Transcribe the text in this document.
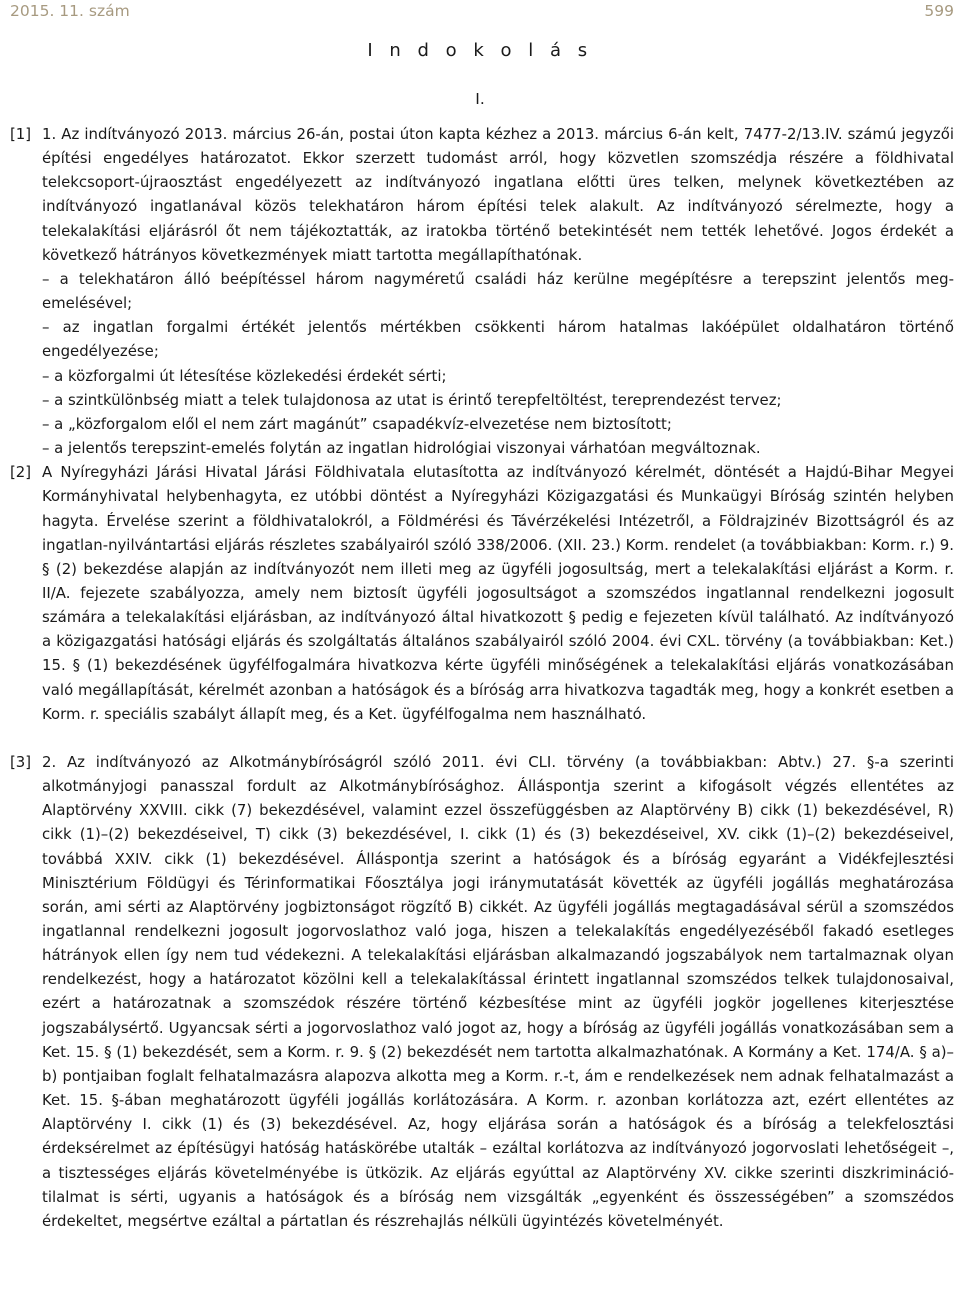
2015. 11. szám	599
I n d o k o l á s
I.
[1] 1. Az indítványozó 2013. március 26-án, postai úton kapta kézhez a 2013. március 6-án kelt, 7477-2/13.IV. számú jegyzői építési engedélyes határozatot. Ekkor szerzett tudomást arról, hogy közvetlen szomszédja részére a földhivatal telekcsoport-újraosztást engedélyezett az indítványozó ingatlana előtti üres telken, melynek következtében az indítványozó ingatlanával közös telekhatáron három építési telek alakult. Az indítványozó sérelmezte, hogy a telekalakítási eljárásról őt nem tájékoztatták, az iratokba történő betekintését nem tették lehetővé. Jogos érdekét a következő hátrányos következmények miatt tartotta megállapíthatónak.

– a telekhatáron álló beépítéssel három nagyméretű családi ház kerülne megépítésre a terepszint jelentős megemelésével;

– az ingatlan forgalmi értékét jelentős mértékben csökkenti három hatalmas lakóépület oldalhatáron történő engedélyezése;

– a közforgalmi út létesítése közlekedési érdekét sérti;

– a szintkülönbség miatt a telek tulajdonosa az utat is érintő terepfeltöltést, tereprendezést tervez;

– a „közforgalom elől el nem zárt magánút” csapadékvíz-elvezetése nem biztosított;

– a jelentős terepszint-emelés folytán az ingatlan hidrológiai viszonyai várhatóan megváltoznak.

[2] A Nyíregyházi Járási Hivatal Járási Földhivatala elutasította az indítványozó kérelmét, döntését a Hajdú-Bihar Megyei Kormányhivatal helybenhagyta, ez utóbbi döntést a Nyíregyházi Közigazgatási és Munkaügyi Bíróság szintén helyben hagyta. Érvelése szerint a földhivatalokról, a Földmérési és Távérzékelési Intézetről, a Földrajzinév Bizottságról és az ingatlan-nyilvántartási eljárás részletes szabályairól szóló 338/2006. (XII. 23.) Korm. rendelet (a továbbiakban: Korm. r.) 9. § (2) bekezdése alapján az indítványozót nem illeti meg az ügyféli jogosultság, mert a telekalakítási eljárást a Korm. r. II/A. fejezete szabályozza, amely nem biztosít ügyféli jogosultságot a szomszédos ingatlannal rendelkezni jogosult számára a telekalakítási eljárásban, az indítványozó által hivatkozott § pedig e fejezeten kívül található. Az indítványozó a közigazgatási hatósági eljárás és szolgáltatás általános szabályairól szóló 2004. évi CXL. törvény (a továbbiakban: Ket.) 15. § (1) bekezdésének ügyfélfogalmára hivatkozva kérte ügyféli minőségének a telekalakítási eljárás vonatkozásában való megállapítását, kérelmét azonban a hatóságok és a bíróság arra hivatkozva tagadták meg, hogy a konkrét esetben a Korm. r. speciális szabályt állapít meg, és a Ket. ügyfélfogalma nem használható.

[3] 2. Az indítványozó az Alkotmánybíróságról szóló 2011. évi CLI. törvény (a továbbiakban: Abtv.) 27. §-a szerinti alkotmányjogi panasszal fordult az Alkotmánybírósághoz. Álláspontja szerint a kifogásolt végzés ellentétes az Alaptörvény XXVIII. cikk (7) bekezdésével, valamint ezzel összefüggésben az Alaptörvény B) cikk (1) bekezdésével, R) cikk (1)–(2) bekezdéseivel, T) cikk (3) bekezdésével, I. cikk (1) és (3) bekezdéseivel, XV. cikk (1)–(2) bekezdéseivel, továbbá XXIV. cikk (1) bekezdésével. Álláspontja szerint a hatóságok és a bíróság egyaránt a Vidékfejlesztési Minisztérium Földügyi és Térinformatikai Főosztálya jogi iránymutatását követték az ügyféli jogállás meghatározása során, ami sérti az Alaptörvény jogbiztonságot rögzítő B) cikkét. Az ügyféli jogállás megtagadásával sérül a szomszédos ingatlannal rendelkezni jogosult jogorvoslathoz való joga, hiszen a telekalakítás engedélyezéséből fakadó esetleges hátrányok ellen így nem tud védekezni. A telekalakítási eljárásban alkalmazandó jogszabályok nem tartalmaznak olyan rendelkezést, hogy a határozatot közölni kell a telekalakítással érintett ingatlannal szomszédos telkek tulajdonosaival, ezért a határozatnak a szomszédok részére történő kézbesítése mint az ügyféli jogkör jogellenes kiterjesztése jogszabálysértő. Ugyancsak sérti a jogorvoslathoz való jogot az, hogy a bíróság az ügyféli jogállás vonatkozásában sem a Ket. 15. § (1) bekezdését, sem a Korm. r. 9. § (2) bekezdését nem tartotta alkalmazhatónak. A Kormány a Ket. 174/A. § a)–b) pontjaiban foglalt felhatalmazásra alapozva alkotta meg a Korm. r.-t, ám e rendelkezések nem adnak felhatalmazást a Ket. 15. §-ában meghatározott ügyféli jogállás korlátozására. A Korm. r. azonban korlátozza azt, ezért ellentétes az Alaptörvény I. cikk (1) és (3) bekezdésével. Az, hogy eljárása során a hatóságok és a bíróság a telekfelosztási érdeksérelmet az építésügyi hatóság hatáskörébe utalták – ezáltal korlátozva az indítványozó jogorvoslati lehetőségeit –, a tisztességes eljárás követelményébe is ütközik. Az eljárás egyúttal az Alaptörvény XV. cikke szerinti diszkriminációtilalmat is sérti, ugyanis a hatóságok és a bíróság nem vizsgálták „egyenként és összességében” a szomszédos érdekeltet, megsértve ezáltal a pártatlan és részrehajlás nélküli ügyintézés követelményét.
